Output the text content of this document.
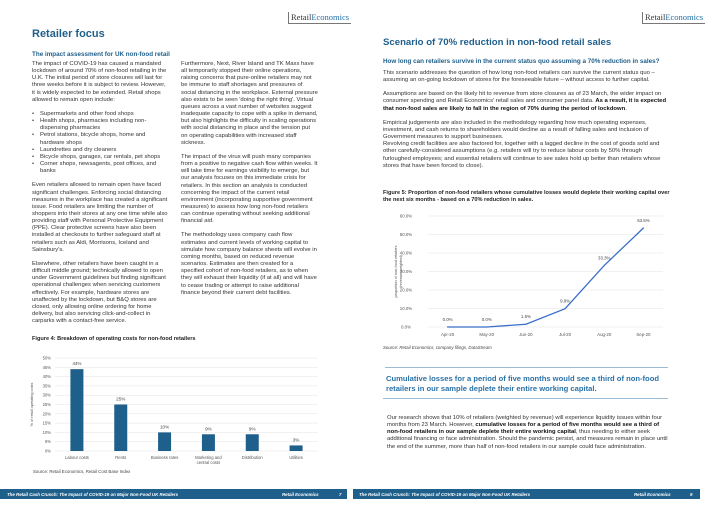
RetailEconomics
Retailer focus
The impact assessment for UK non-food retail

The impact of COVID-19 has caused a mandated lockdown of around 70% of non-food retailing in the U.K. The initial period of store closures will last for three weeks before it is subject to review. However, it is widely expected to be extended. Retail shops allowed to remain open include:

• Supermarkets and other food shops
• Health shops, pharmacies including non-dispensing pharmacies
• Petrol stations, bicycle shops, home and hardware shops
• Laundrettes and dry cleaners
• Bicycle shops, garages, car rentals, pet shops
• Corner shops, newsagents, post offices, and banks

Even retailers allowed to remain open have faced significant challenges. Enforcing social distancing measures in the workplace has created a significant issue. Food retailers are limiting the number of shoppers into their stores at any one time while also providing staff with Personal Protective Equipment (PPE). Clear protective screens have also been installed at checkouts to further safeguard staff at retailers such as Aldi, Morrisons, Iceland and Sainsbury's.

Elsewhere, other retailers have been caught in a difficult middle ground; technically allowed to open under Government guidelines but finding significant operational challenges when servicing customers effectively. For example, hardware stores are unaffected by the lockdown, but B&Q stores are closed, only allowing online ordering for home delivery, but also servicing click-and-collect in carparks with a contact-free service.

Furthermore, Next, River Island and TK Maxx have all temporarily stopped their online operations, raising concerns that pure-online retailers may not be immune to staff shortages and pressures of social distancing in the workplace. External pressure also exists to be seen 'doing the right thing'. Virtual queues across a vast number of websites suggest inadequate capacity to cope with a spike in demand, but also highlights the difficulty in scaling operations with social distancing in place and the tension put on operating capabilities with increased staff sickness.

The impact of the virus will push many companies from a positive to negative cash flow within weeks. It will take time for earnings visibility to emerge, but our analysis focuses on this immediate crisis for retailers. In this section an analysis is conducted concerning the impact of the current retail environment (incorporating supportive government measures) to assess how long non-food retailers can continue operating without seeking additional financial aid.

The methodology uses company cash flow estimates and current levels of working capital to simulate how company balance sheets will evolve in coming months, based on reduced revenue scenarios. Estimates are then created for a specified cohort of non-food retailers, as to when they will exhaust their liquidity (if at all) and will have to cease trading or attempt to raise additional finance beyond their current debt facilities.

Figure 4: Breakdown of operating costs for non-food retailers
0%
5%
10%
15%
20%
25%
30%
35%
40%
45%
50%
% of retail operating costs
44%
Labour costs
25%
Rents
10%
Business rates
9%
Marketing and
central costs
9%
Distribution
3%
Utilities
Source: Retail Economics, Retail Cost Base Index
The Retail Cash Crunch: The Impact of COVID-19 on Major Non-Food UK Retailers	Retail Economics	7
RetailEconomics
Scenario of 70% reduction in non-food retail sales
How long can retailers survive in the current status quo assuming a 70% reduction in sales?

This scenario addresses the question of how long non-food retailers can survive the current status quo – assuming an on-going lockdown of stores for the foreseeable future – without access to further capital.

Assumptions are based on the likely hit to revenue from store closures as of 23 March, the wider impact on consumer spending and Retail Economics' retail sales and consumer panel data. As a result, it is expected that non-food sales are likely to fall in the region of 70% during the period of lockdown.

Empirical judgements are also included in the methodology regarding how much operating expenses, investment, and cash returns to shareholders would decline as a result of falling sales and inclusion of Government measures to support businesses.

Revolving credit facilities are also factored for, together with a lagged decline in the cost of goods sold and other carefully-considered assumptions (e.g. retailers will try to reduce labour costs by 50% through furloughed employees; and essential retailers will continue to see sales hold up better than retailers whose stores that have been forced to close).

Figure 5: Proportion of non-food retailers whose cumulative losses would deplete their working capital over the next six months - based on a 70% reduction in sales.
0.0%
10.0%
20.0%
30.0%
40.0%
50.0%
60.0%
proportion of non-food retailers (revenue-weighted)
Apr-20
0.0%
May-20
0.0%
Jun-20
1.5%
Jul-20
9.9%
Aug-20
33.3%
Sep-20
53.5%
Source: Retail Economics, company filings, DataStream
Cumulative losses for a period of five months would see a third of non-food retailers in our sample deplete their entire working capital.
Our research shows that 10% of retailers (weighted by revenue) will experience liquidity issues within four months from 23 March. However, cumulative losses for a period of five months would see a third of non-food retailers in our sample deplete their entire working capital, thus needing to either seek additional financing or face administration. Should the pandemic persist, and measures remain in place until the end of the summer, more than half of non-food retailers in our sample could face administration.
The Retail Cash Crunch: The Impact of COVID-19 on Major Non-Food UK Retailers	Retail Economics	9
